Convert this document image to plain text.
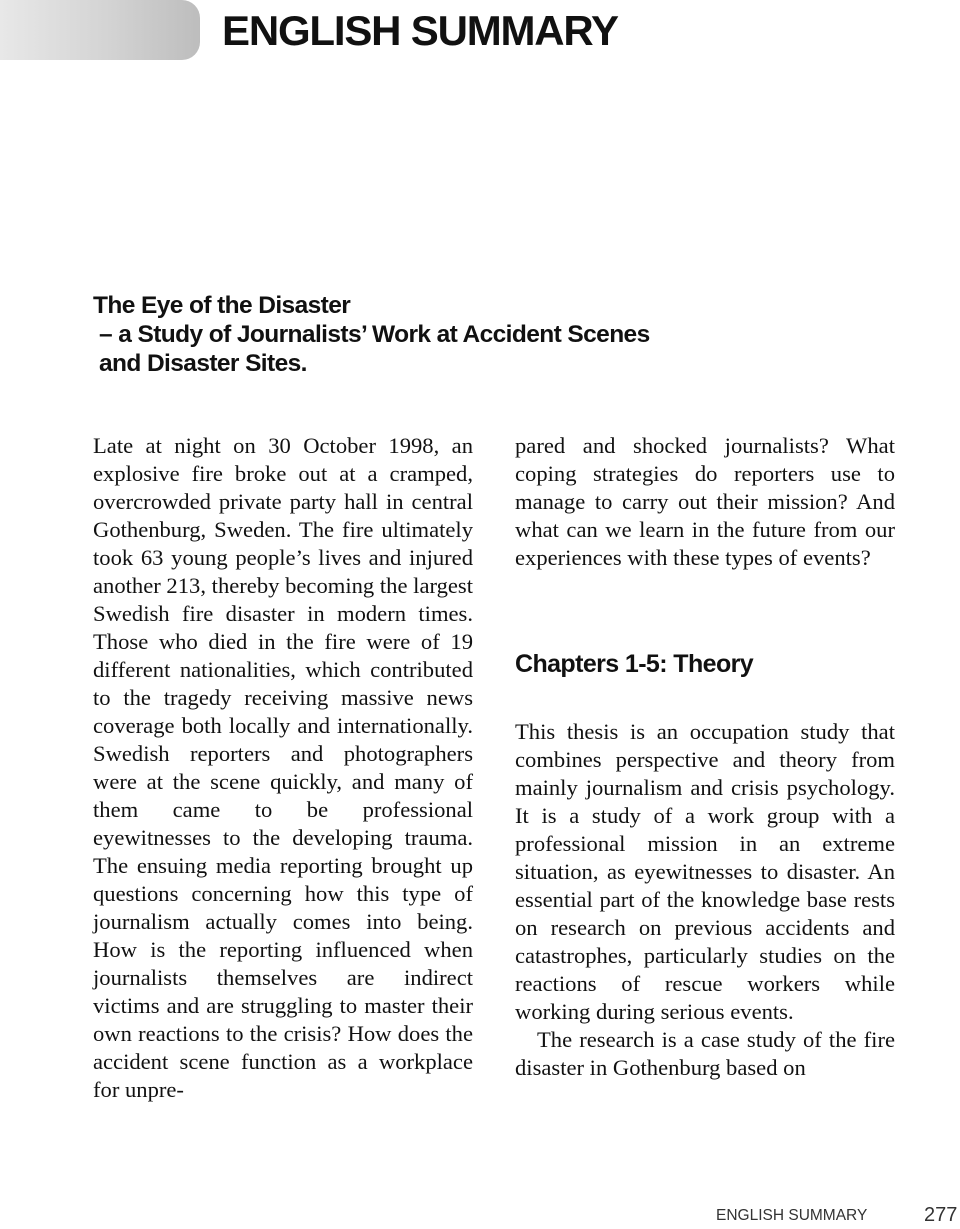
ENGLISH SUMMARY
The Eye of the Disaster
– a Study of Journalists’ Work at Accident Scenes
and Disaster Sites.

Late at night on 30 October 1998, an explosive fire broke out at a cramped, overcrowded private party hall in central Gothenburg, Sweden. The fire ultimately took 63 young people’s lives and injured another 213, thereby becoming the largest Swedish fire disaster in modern times. Those who died in the fire were of 19 different nationalities, which contributed to the tragedy receiving massive news coverage both locally and internationally. Swedish reporters and photographers were at the scene quickly, and many of them came to be professional eyewitnesses to the developing trauma. The ensuing media reporting brought up questions concerning how this type of journalism actually comes into being. How is the reporting influenced when journalists themselves are indirect victims and are struggling to master their own reactions to the crisis? How does the accident scene function as a workplace for unpre-

pared and shocked journalists? What coping strategies do reporters use to manage to carry out their mission? And what can we learn in the future from our experiences with these types of events?

Chapters 1-5: Theory

This thesis is an occupation study that combines perspective and theory from mainly journalism and crisis psychology. It is a study of a work group with a professional mission in an extreme situation, as eyewitnesses to disaster. An essential part of the knowledge base rests on research on previous accidents and catastrophes, particularly studies on the reactions of rescue workers while working during serious events.

The research is a case study of the fire disaster in Gothenburg based on

ENGLISH SUMMARY	277
